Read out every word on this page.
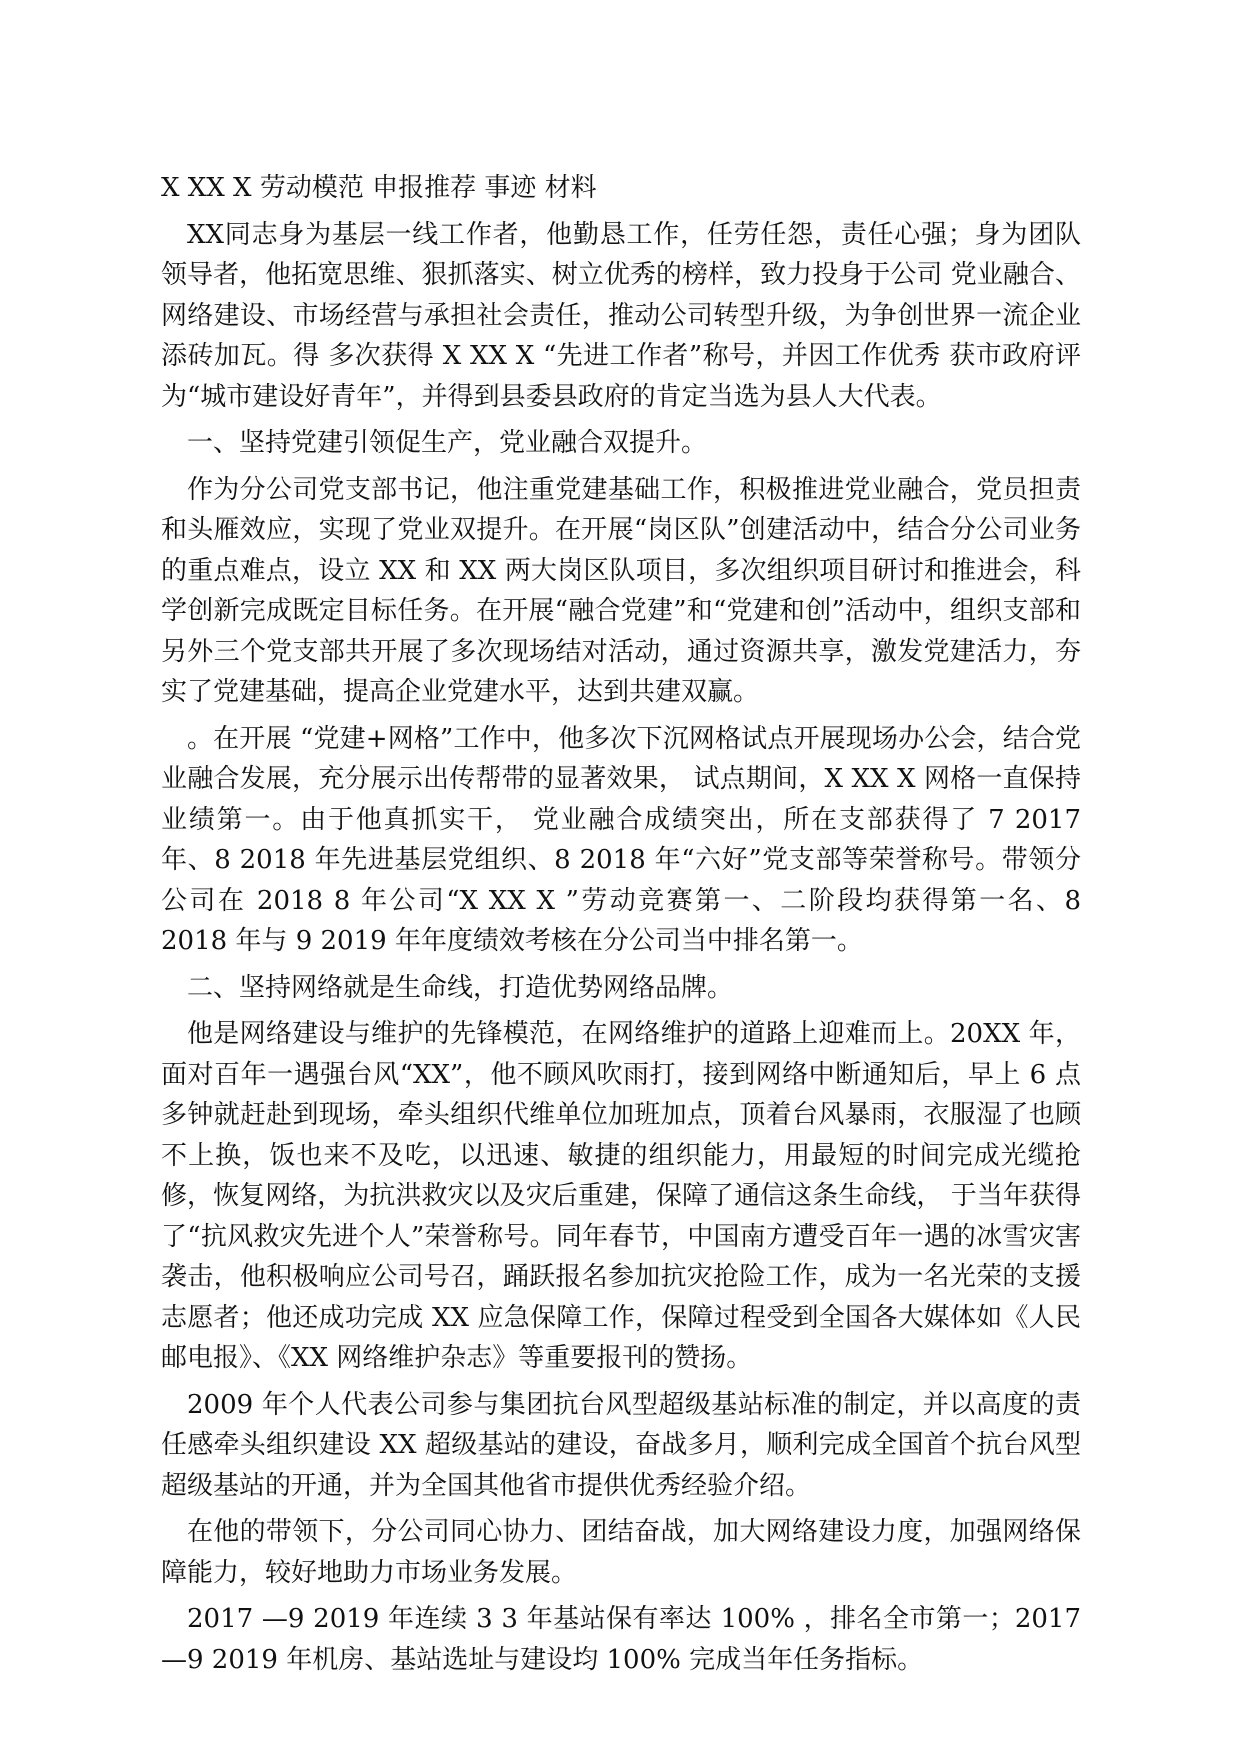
X XX X 劳动模范 申报推荐 事迹 材料

XX同志身为基层一线工作者，他勤恳工作，任劳任怨，责任心强；身为团队领导者，他拓宽思维、狠抓落实、树立优秀的榜样，致力投身于公司 党业融合、网络建设、市场经营与承担社会责任，推动公司转型升级，为争创世界一流企业添砖加瓦。得 多次获得 X XX X “先进工作者”称号，并因工作优秀 获市政府评为“城市建设好青年”，并得到县委县政府的肯定当选为县人大代表。

一、坚持党建引领促生产，党业融合双提升。

作为分公司党支部书记，他注重党建基础工作，积极推进党业融合，党员担责和头雁效应，实现了党业双提升。在开展“岗区队”创建活动中，结合分公司业务的重点难点，设立 XX 和 XX 两大岗区队项目，多次组织项目研讨和推进会，科学创新完成既定目标任务。在开展“融合党建”和“党建和创”活动中，组织支部和另外三个党支部共开展了多次现场结对活动，通过资源共享，激发党建活力，夯实了党建基础，提高企业党建水平，达到共建双赢。

。在开展 “党建+网格”工作中，他多次下沉网格试点开展现场办公会，结合党业融合发展，充分展示出传帮带的显著效果， 试点期间，X XX X 网格一直保持业绩第一。由于他真抓实干， 党业融合成绩突出，所在支部获得了 7 2017 年、8 2018 年先进基层党组织、8 2018 年“六好”党支部等荣誉称号。带领分公司在 2018 8 年公司“X XX X ”劳动竞赛第一、二阶段均获得第一名、8 2018 年与 9 2019 年年度绩效考核在分公司当中排名第一。

二、坚持网络就是生命线，打造优势网络品牌。

他是网络建设与维护的先锋模范，在网络维护的道路上迎难而上。20XX 年，面对百年一遇强台风“XX”，他不顾风吹雨打，接到网络中断通知后，早上 6 点多钟就赶赴到现场，牵头组织代维单位加班加点，顶着台风暴雨，衣服湿了也顾不上换，饭也来不及吃，以迅速、敏捷的组织能力，用最短的时间完成光缆抢修，恢复网络，为抗洪救灾以及灾后重建，保障了通信这条生命线， 于当年获得了“抗风救灾先进个人”荣誉称号。同年春节，中国南方遭受百年一遇的冰雪灾害袭击，他积极响应公司号召，踊跃报名参加抗灾抢险工作，成为一名光荣的支援志愿者；他还成功完成 XX 应急保障工作，保障过程受到全国各大媒体如《人民邮电报》、《XX 网络维护杂志》等重要报刊的赞扬。

2009 年个人代表公司参与集团抗台风型超级基站标准的制定，并以高度的责任感牵头组织建设 XX 超级基站的建设，奋战多月，顺利完成全国首个抗台风型超级基站的开通，并为全国其他省市提供优秀经验介绍。

在他的带领下，分公司同心协力、团结奋战，加大网络建设力度，加强网络保障能力，较好地助力市场业务发展。

2017 —9 2019 年连续 3 3 年基站保有率达 100% ，排名全市第一；2017 —9 2019 年机房、基站选址与建设均 100% 完成当年任务指标。
